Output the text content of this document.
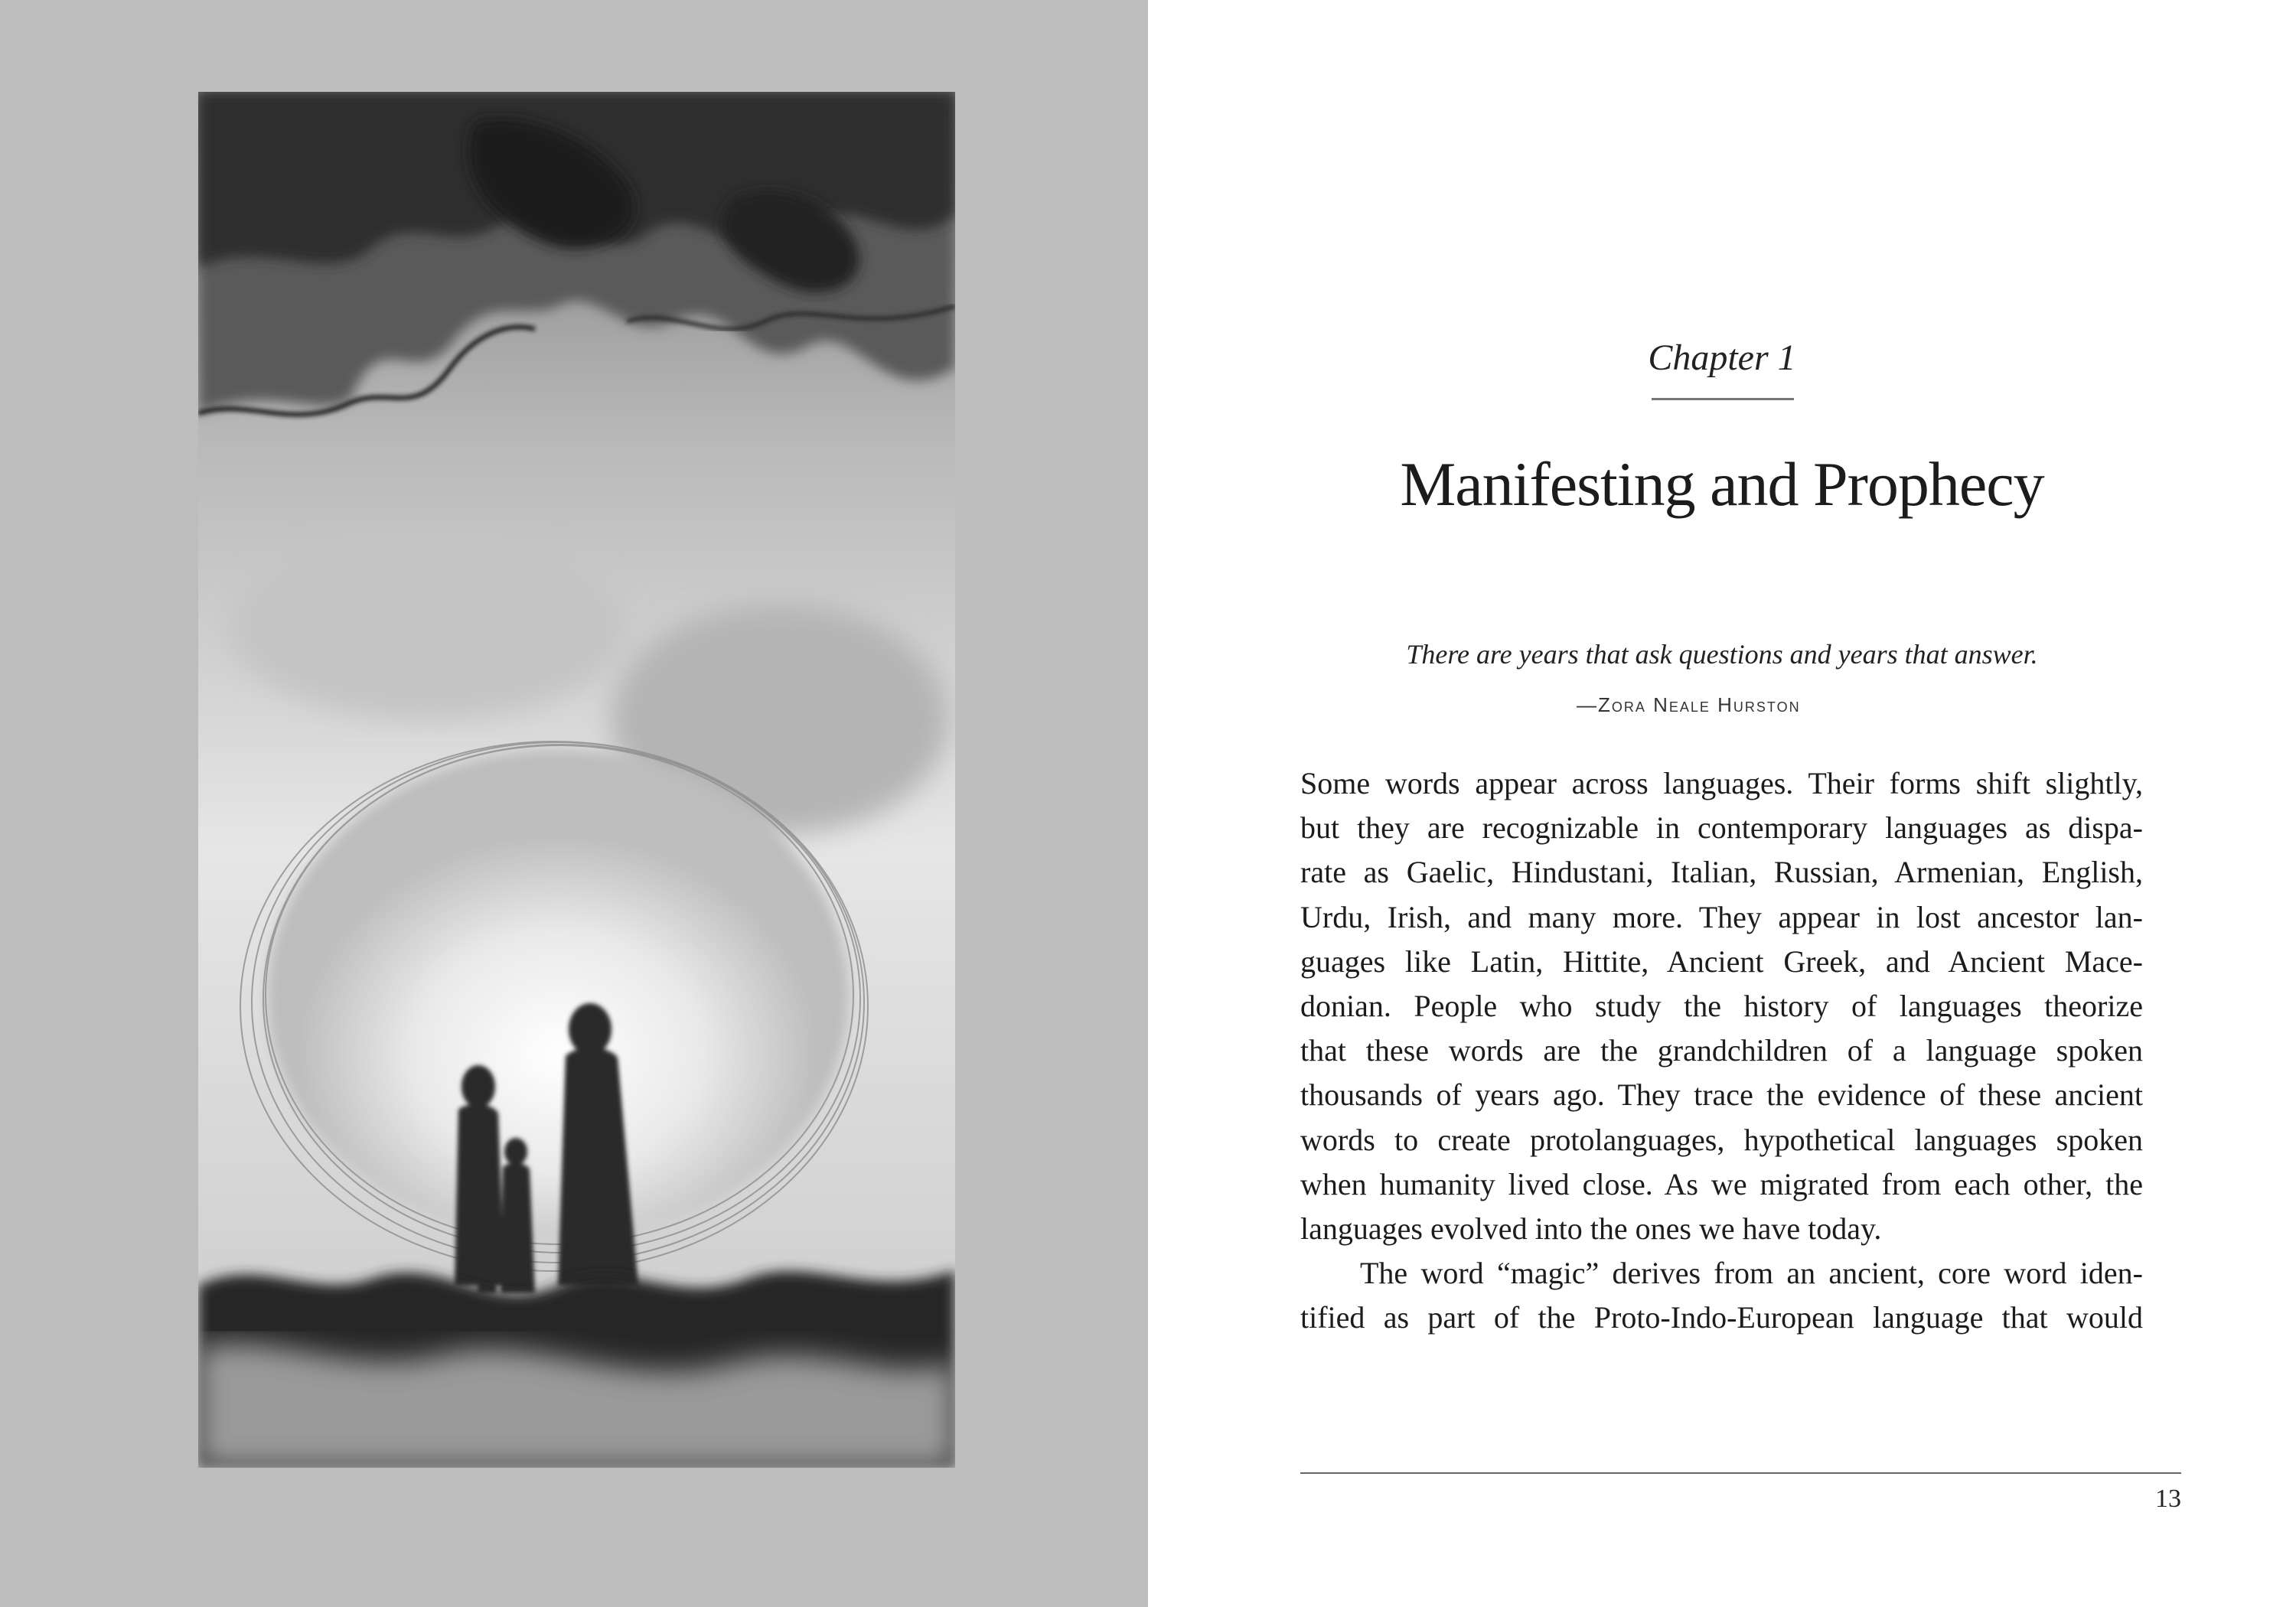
Chapter 1

Manifesting and Prophecy

There are years that ask questions and years that answer.

—Zora Neale Hurston

Some words appear across languages. Their forms shift slightly,
but they are recognizable in contemporary languages as dispa-
rate as Gaelic, Hindustani, Italian, Russian, Armenian, English,
Urdu, Irish, and many more. They appear in lost ancestor lan-
guages like Latin, Hittite, Ancient Greek, and Ancient Mace-
donian. People who study the history of languages theorize
that these words are the grandchildren of a language spoken
thousands of years ago. They trace the evidence of these ancient
words to create protolanguages, hypothetical languages spoken
when humanity lived close. As we migrated from each other, the
languages evolved into the ones we have today.
The word “magic” derives from an ancient, core word iden-
tified as part of the Proto-Indo-European language that would

13
